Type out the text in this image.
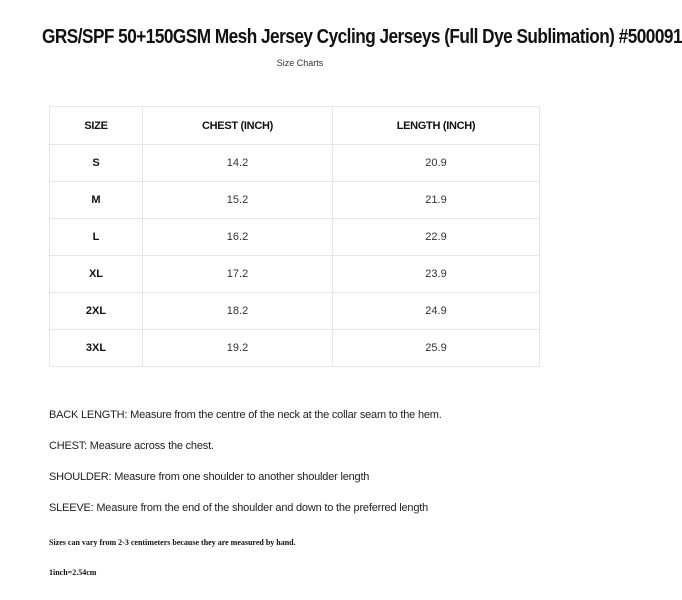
GRS/SPF 50+150GSM Mesh Jersey Cycling Jerseys (Full Dye Sublimation) #500091
Size Charts
SIZE	CHEST (INCH)	LENGTH (INCH)
S	14.2	20.9
M	15.2	21.9
L	16.2	22.9
XL	17.2	23.9
2XL	18.2	24.9
3XL	19.2	25.9
BACK LENGTH: Measure from the centre of the neck at the collar seam to the hem.
CHEST: Measure across the chest.
SHOULDER: Measure from one shoulder to another shoulder length
SLEEVE: Measure from the end of the shoulder and down to the preferred length
Sizes can vary from 2-3 centimeters because they are measured by hand.
1inch=2.54cm
